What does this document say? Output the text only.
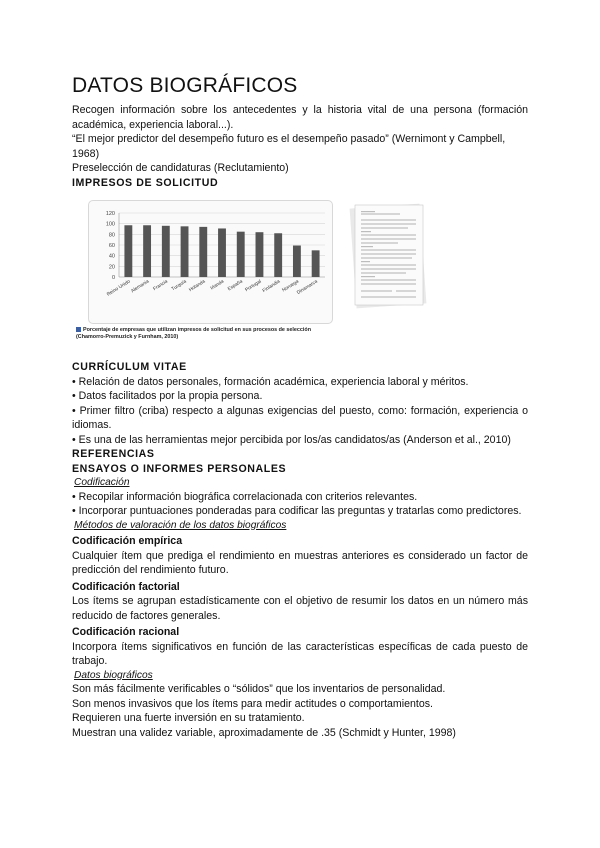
DATOS BIOGRÁFICOS

Recogen información sobre los antecedentes y la historia vital de una persona (formación académica, experiencia laboral...).

“El mejor predictor del desempeño futuro es el desempeño pasado” (Wernimont y Campbell, 1968)

Preselección de candidaturas (Reclutamiento)

IMPRESOS DE SOLICITUD
0
20
40
60
80
100
120
Reino Unido Alemania Francia Turquía Holanda Irlanda España Portugal Finlandia Noruega
Dinamarca
Porcentaje de empresas que utilizan impresos de solicitud en sus procesos de selección
(Chamorro-Premuzick y Furnham, 2010)
CURRÍCULUM VITAE

• Relación de datos personales, formación académica, experiencia laboral y méritos.

• Datos facilitados por la propia persona.

• Primer filtro (criba) respecto a algunas exigencias del puesto, como: formación, experiencia o idiomas.

• Es una de las herramientas mejor percibida por los/as candidatos/as (Anderson et al., 2010)

REFERENCIAS
ENSAYOS O INFORMES PERSONALES
Codificación

• Recopilar información biográfica correlacionada con criterios relevantes.

• Incorporar puntuaciones ponderadas para codificar las preguntas y tratarlas como predictores.

Métodos de valoración de los datos biográficos
Codificación empírica

Cualquier ítem que prediga el rendimiento en muestras anteriores es considerado un factor de predicción del rendimiento futuro.

Codificación factorial

Los ítems se agrupan estadísticamente con el objetivo de resumir los datos en un número más reducido de factores generales.

Codificación racional

Incorpora ítems significativos en función de las características específicas de cada puesto de trabajo.

Datos biográficos

Son más fácilmente verificables o “sólidos” que los inventarios de personalidad.

Son menos invasivos que los ítems para medir actitudes o comportamientos.

Requieren una fuerte inversión en su tratamiento.

Muestran una validez variable, aproximadamente de .35 (Schmidt y Hunter, 1998)
